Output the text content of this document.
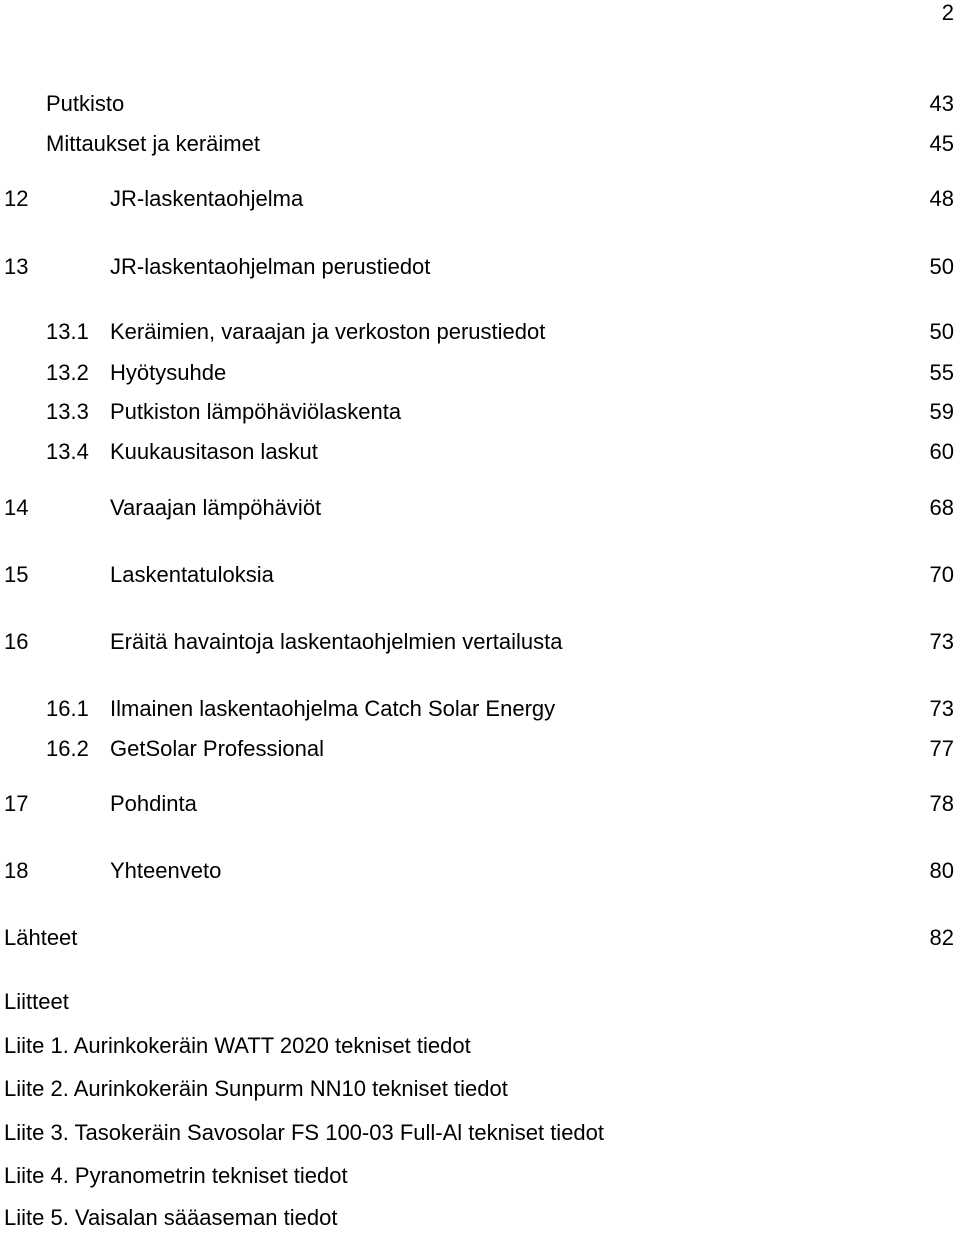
2
Putkisto	43
Mittaukset ja keräimet	45
12	JR-laskentaohjelma	48
13	JR-laskentaohjelman perustiedot	50
13.1 Keräimien, varaajan ja verkoston perustiedot	50
13.2 Hyötysuhde	55
13.3 Putkiston lämpöhäviölaskenta	59
13.4 Kuukausitason laskut	60
14	Varaajan lämpöhäviöt	68
15	Laskentatuloksia	70
16	Eräitä havaintoja laskentaohjelmien vertailusta	73
16.1 Ilmainen laskentaohjelma Catch Solar Energy	73
16.2 GetSolar Professional	77
17	Pohdinta	78
18	Yhteenveto	80
Lähteet	82
Liitteet
Liite 1. Aurinkokeräin WATT 2020 tekniset tiedot
Liite 2. Aurinkokeräin Sunpurm NN10 tekniset tiedot
Liite 3. Tasokeräin Savosolar FS 100-03 Full-Al tekniset tiedot
Liite 4. Pyranometrin tekniset tiedot
Liite 5. Vaisalan sääaseman tiedot
